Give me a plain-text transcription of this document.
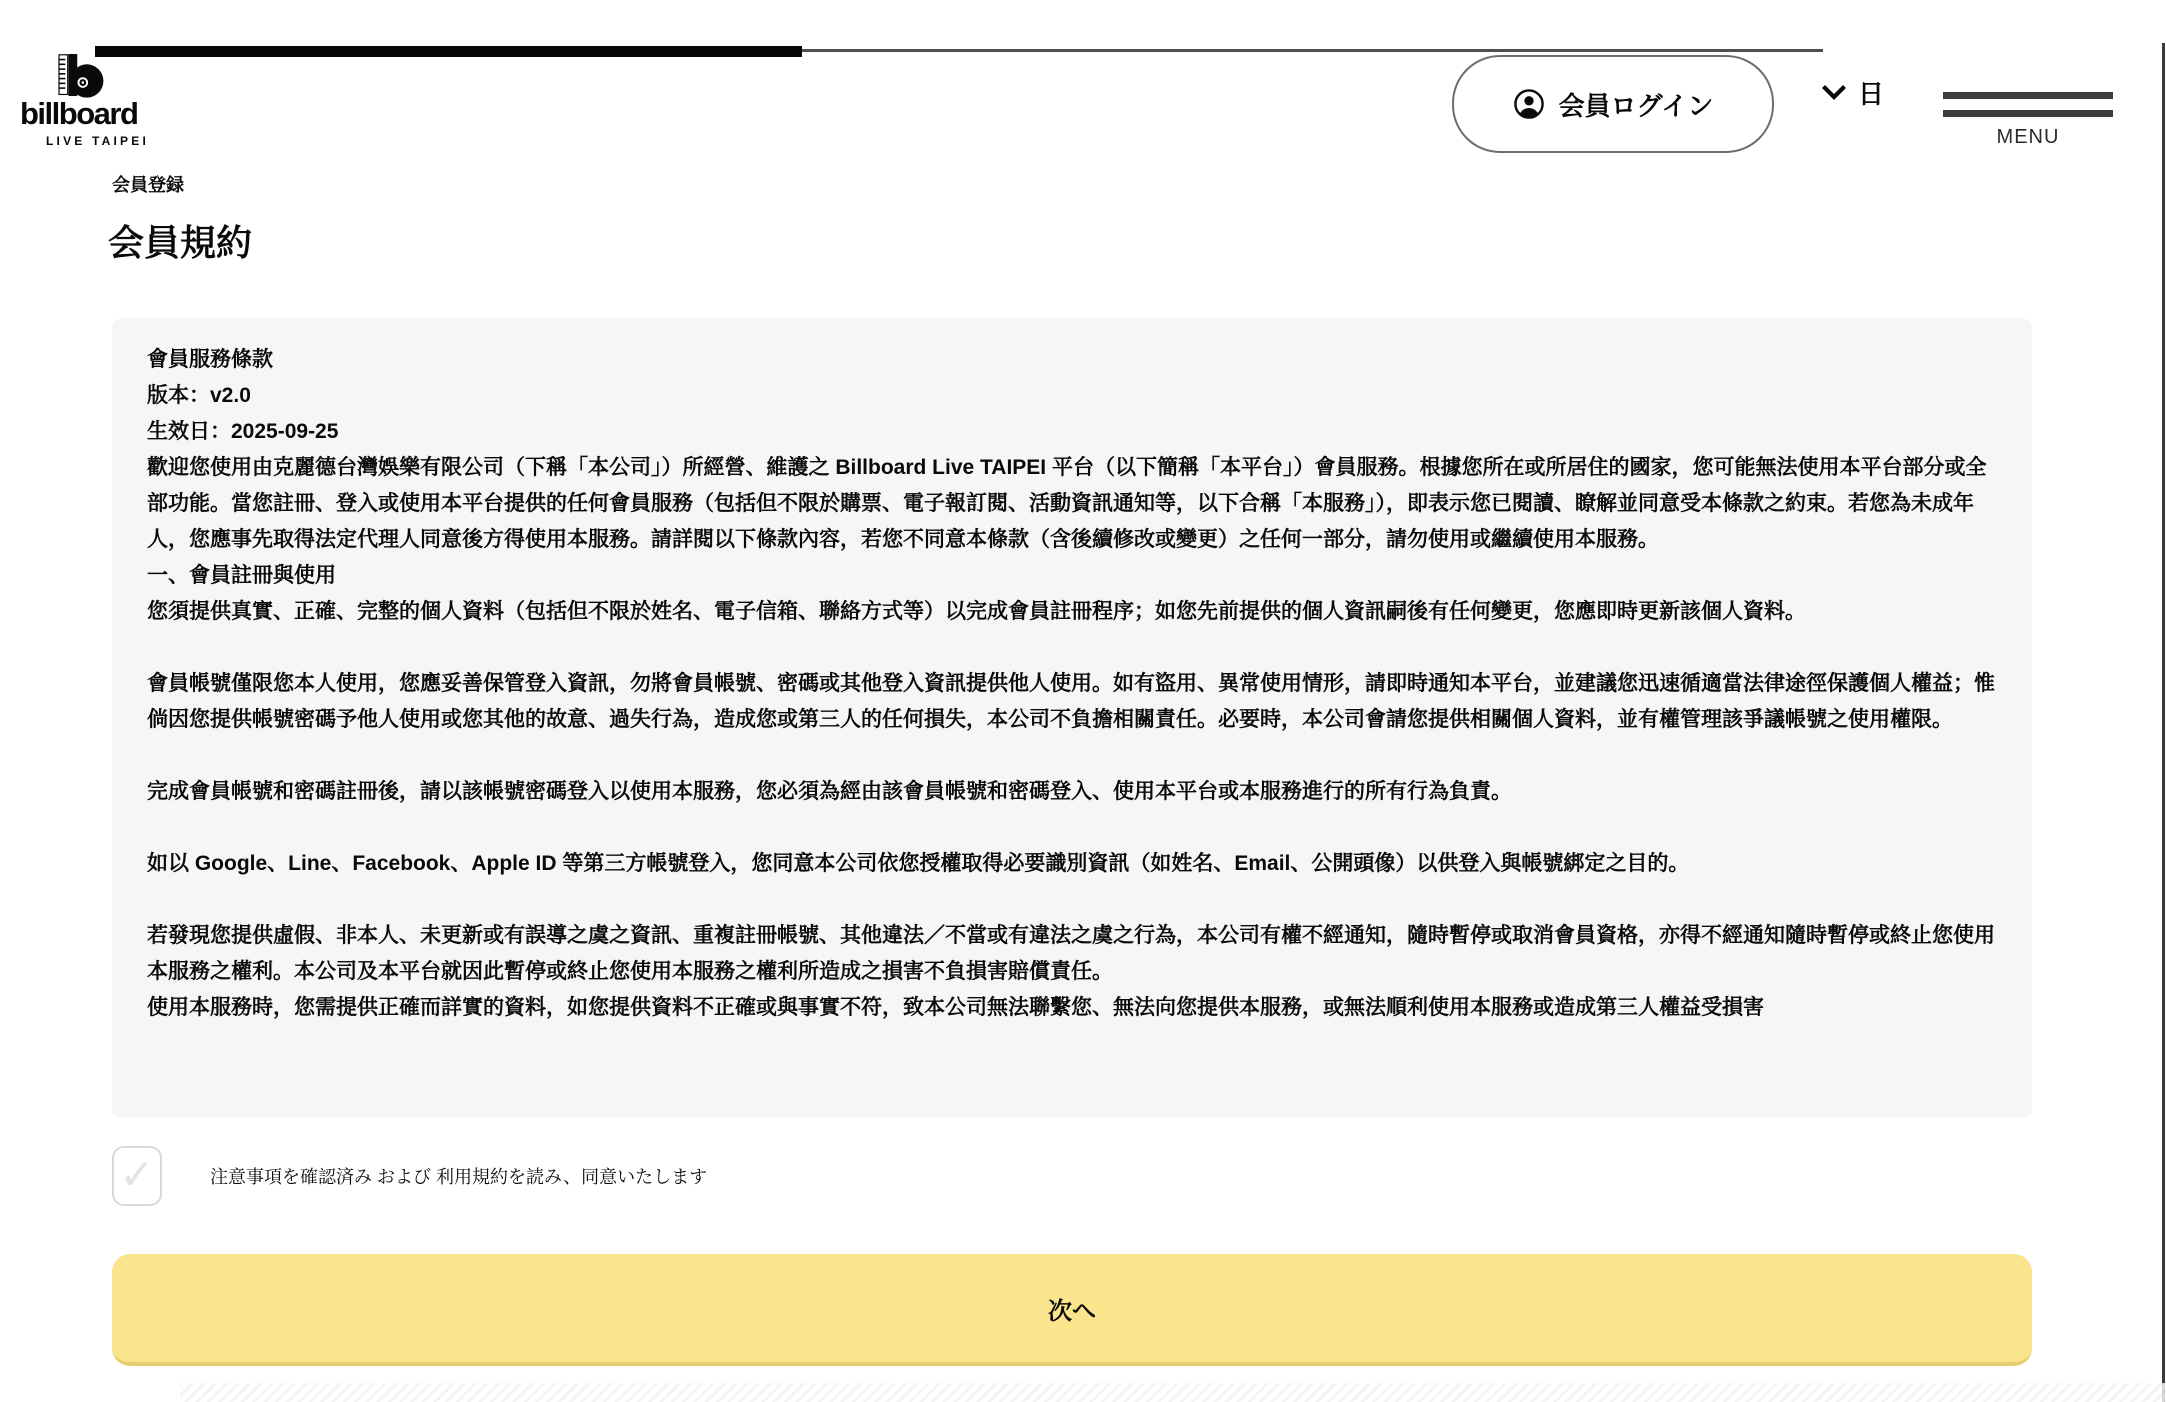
billboard
LIVE TAIPEI
会員ログイン	日
MENU
会員登録
会員規約

會員服務條款

版本：v2.0

生效日：2025-09-25

歡迎您使用由克麗德台灣娛樂有限公司（下稱「本公司」）所經營、維護之 Billboard Live TAIPEI 平台（以下簡稱「本平台」）會員服務。根據您所在或所居住的國家，您可能無法使用本平台部分或全部功能。當您註冊、登入或使用本平台提供的任何會員服務（包括但不限於購票、電子報訂閱、活動資訊通知等，以下合稱「本服務」），即表示您已閱讀、瞭解並同意受本條款之約束。若您為未成年人，您應事先取得法定代理人同意後方得使用本服務。請詳閱以下條款內容，若您不同意本條款（含後續修改或變更）之任何一部分，請勿使用或繼續使用本服務。

一、會員註冊與使用

您須提供真實、正確、完整的個人資料（包括但不限於姓名、電子信箱、聯絡方式等）以完成會員註冊程序；如您先前提供的個人資訊嗣後有任何變更，您應即時更新該個人資料。

會員帳號僅限您本人使用，您應妥善保管登入資訊，勿將會員帳號、密碼或其他登入資訊提供他人使用。如有盜用、異常使用情形，請即時通知本平台，並建議您迅速循適當法律途徑保護個人權益；惟倘因您提供帳號密碼予他人使用或您其他的故意、過失行為，造成您或第三人的任何損失，本公司不負擔相關責任。必要時，本公司會請您提供相關個人資料，並有權管理該爭議帳號之使用權限。

完成會員帳號和密碼註冊後，請以該帳號密碼登入以使用本服務，您必須為經由該會員帳號和密碼登入、使用本平台或本服務進行的所有行為負責。

如以 Google、Line、Facebook、Apple ID 等第三方帳號登入，您同意本公司依您授權取得必要識別資訊（如姓名、Email、公開頭像）以供登入與帳號綁定之目的。

若發現您提供虛假、非本人、未更新或有誤導之虞之資訊、重複註冊帳號、其他違法／不當或有違法之虞之行為，本公司有權不經通知，隨時暫停或取消會員資格，亦得不經通知隨時暫停或終止您使用本服務之權利。本公司及本平台就因此暫停或終止您使用本服務之權利所造成之損害不負損害賠償責任。

使用本服務時，您需提供正確而詳實的資料，如您提供資料不正確或與事實不符，致本公司無法聯繫您、無法向您提供本服務，或無法順利使用本服務或造成第三人權益受損害

✓	注意事項を確認済み および 利用規約を読み、同意いたします
次へ
